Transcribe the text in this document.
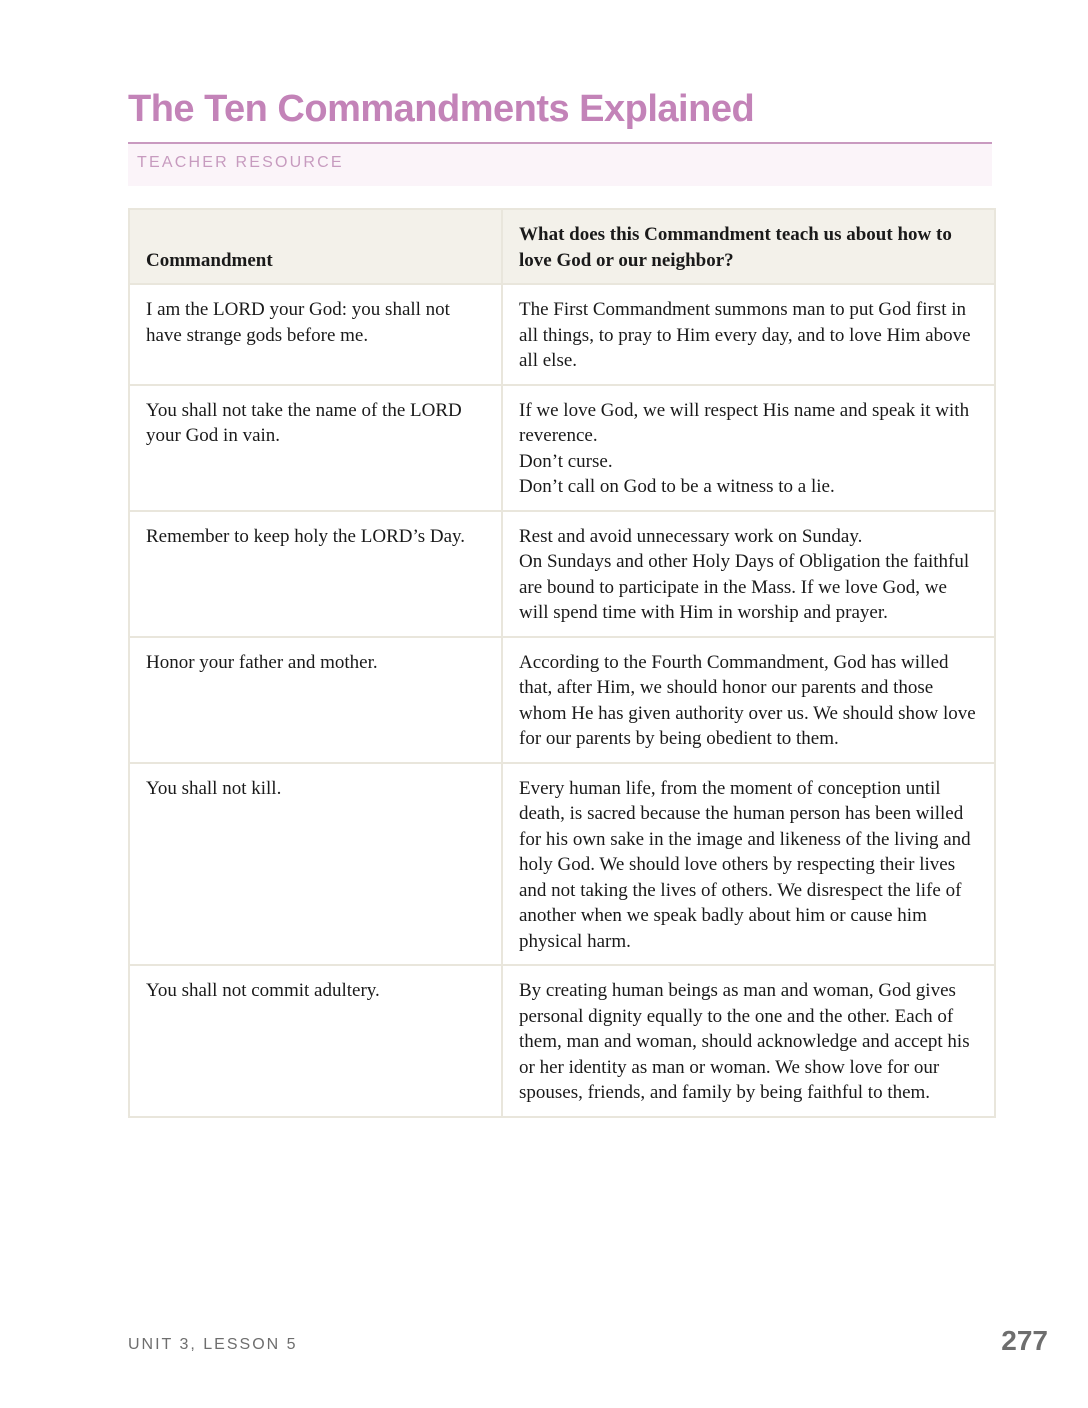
The Ten Commandments Explained
TEACHER RESOURCE
Commandment	What does this Commandment teach us about how to love God or our neighbor?
I am the LORD your God: you shall not have strange gods before me.	The First Commandment summons man to put God first in all things, to pray to Him every day, and to love Him above all else.
You shall not take the name of the LORD your God in vain.	If we love God, we will respect His name and speak it with reverence.
Don’t curse.
Don’t call on God to be a witness to a lie.
Remember to keep holy the LORD’s Day.	Rest and avoid unnecessary work on Sunday.
On Sundays and other Holy Days of Obligation the faithful are bound to participate in the Mass. If we love God, we will spend time with Him in worship and prayer.
Honor your father and mother.	According to the Fourth Commandment, God has willed that, after Him, we should honor our parents and those whom He has given authority over us. We should show love for our parents by being obedient to them.
You shall not kill.	Every human life, from the moment of conception until death, is sacred because the human person has been willed for his own sake in the image and likeness of the living and holy God. We should love others by respecting their lives and not taking the lives of others. We disrespect the life of another when we speak badly about him or cause him physical harm.
You shall not commit adultery.	By creating human beings as man and woman, God gives personal dignity equally to the one and the other. Each of them, man and woman, should acknowledge and accept his or her identity as man or woman. We show love for our spouses, friends, and family by being faithful to them.
UNIT 3, LESSON 5	277
